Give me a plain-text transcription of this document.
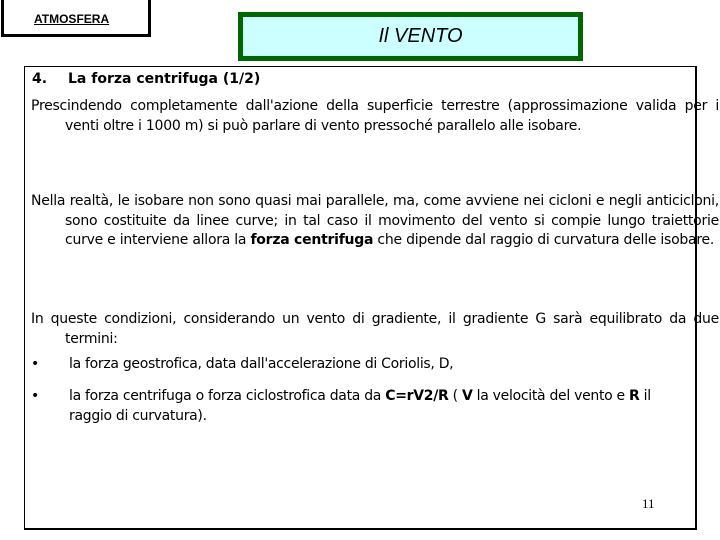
ATMOSFERA
Il VENTO
4. La forza centrifuga (1/2)
Prescindendo completamente dall'azione della superficie terrestre (approssimazione valida per i venti oltre i 1000 m) si può parlare di vento pressoché parallelo alle isobare.
Nella realtà, le isobare non sono quasi mai parallele, ma, come avviene nei cicloni e negli anticicloni, sono costituite da linee curve; in tal caso il movimento del vento si compie lungo traiettorie curve e interviene allora la forza centrifuga che dipende dal raggio di curvatura delle isobare.
In queste condizioni, considerando un vento di gradiente, il gradiente G sarà equilibrato da due termini:
•	la forza geostrofica, data dall'accelerazione di Coriolis, D,
•	la forza centrifuga o forza ciclostrofica data da C=rV2/R ( V la velocità del vento e R il raggio di curvatura).
11
